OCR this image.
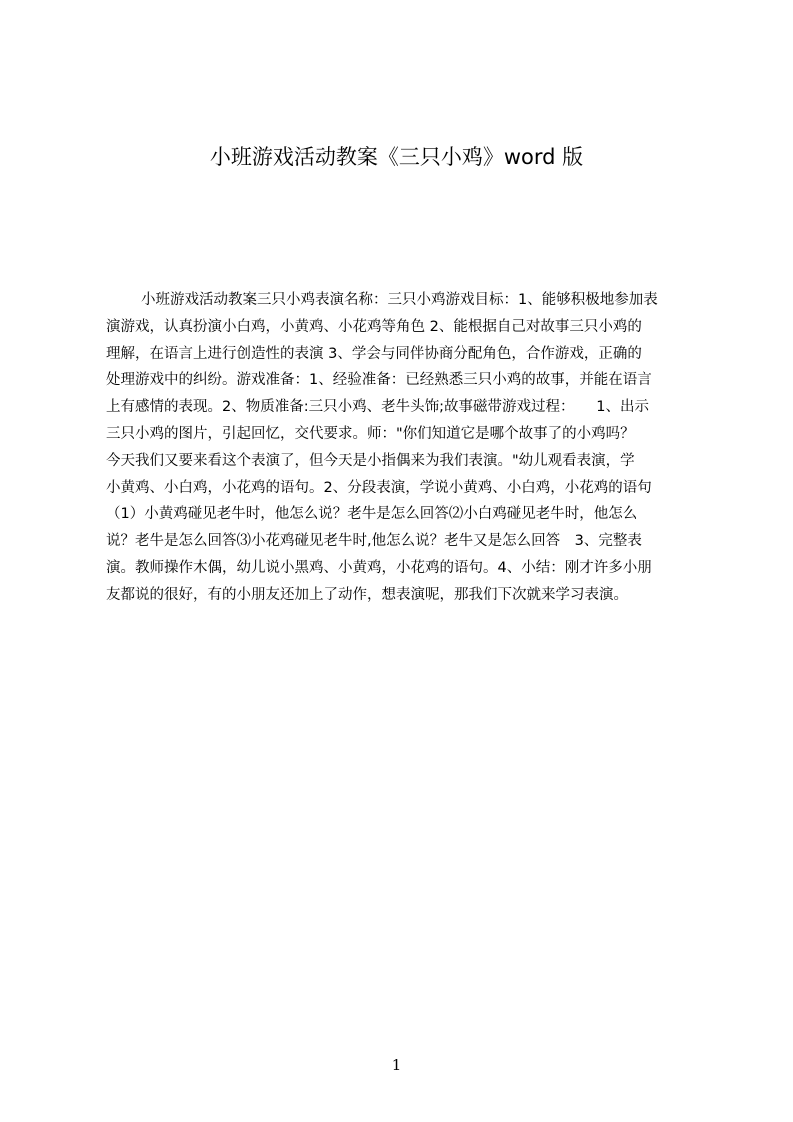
小班游戏活动教案《三只小鸡》word 版
小班游戏活动教案三只小鸡表演名称：三只小鸡游戏目标：1、能够积极地参加表
演游戏，认真扮演小白鸡，小黄鸡、小花鸡等角色 2、能根据自己对故事三只小鸡的
理解，在语言上进行创造性的表演 3、学会与同伴协商分配角色，合作游戏，正确的
处理游戏中的纠纷。游戏准备：1、经验准备：已经熟悉三只小鸡的故事，并能在语言
上有感情的表现。2、物质准备:三只小鸡、老牛头饰;故事磁带游戏过程：　　1、出示
三只小鸡的图片，引起回忆，交代要求。师："你们知道它是哪个故事了的小鸡吗？
今天我们又要来看这个表演了，但今天是小指偶来为我们表演。"幼儿观看表演，学
小黄鸡、小白鸡，小花鸡的语句。2、分段表演，学说小黄鸡、小白鸡，小花鸡的语句
（1）小黄鸡碰见老牛时，他怎么说？老牛是怎么回答⑵小白鸡碰见老牛时，他怎么
说？老牛是怎么回答⑶小花鸡碰见老牛时,他怎么说？老牛又是怎么回答　3、完整表
演。教师操作木偶，幼儿说小黑鸡、小黄鸡，小花鸡的语句。4、小结：刚才许多小朋
友都说的很好，有的小朋友还加上了动作，想表演呢，那我们下次就来学习表演。
1
